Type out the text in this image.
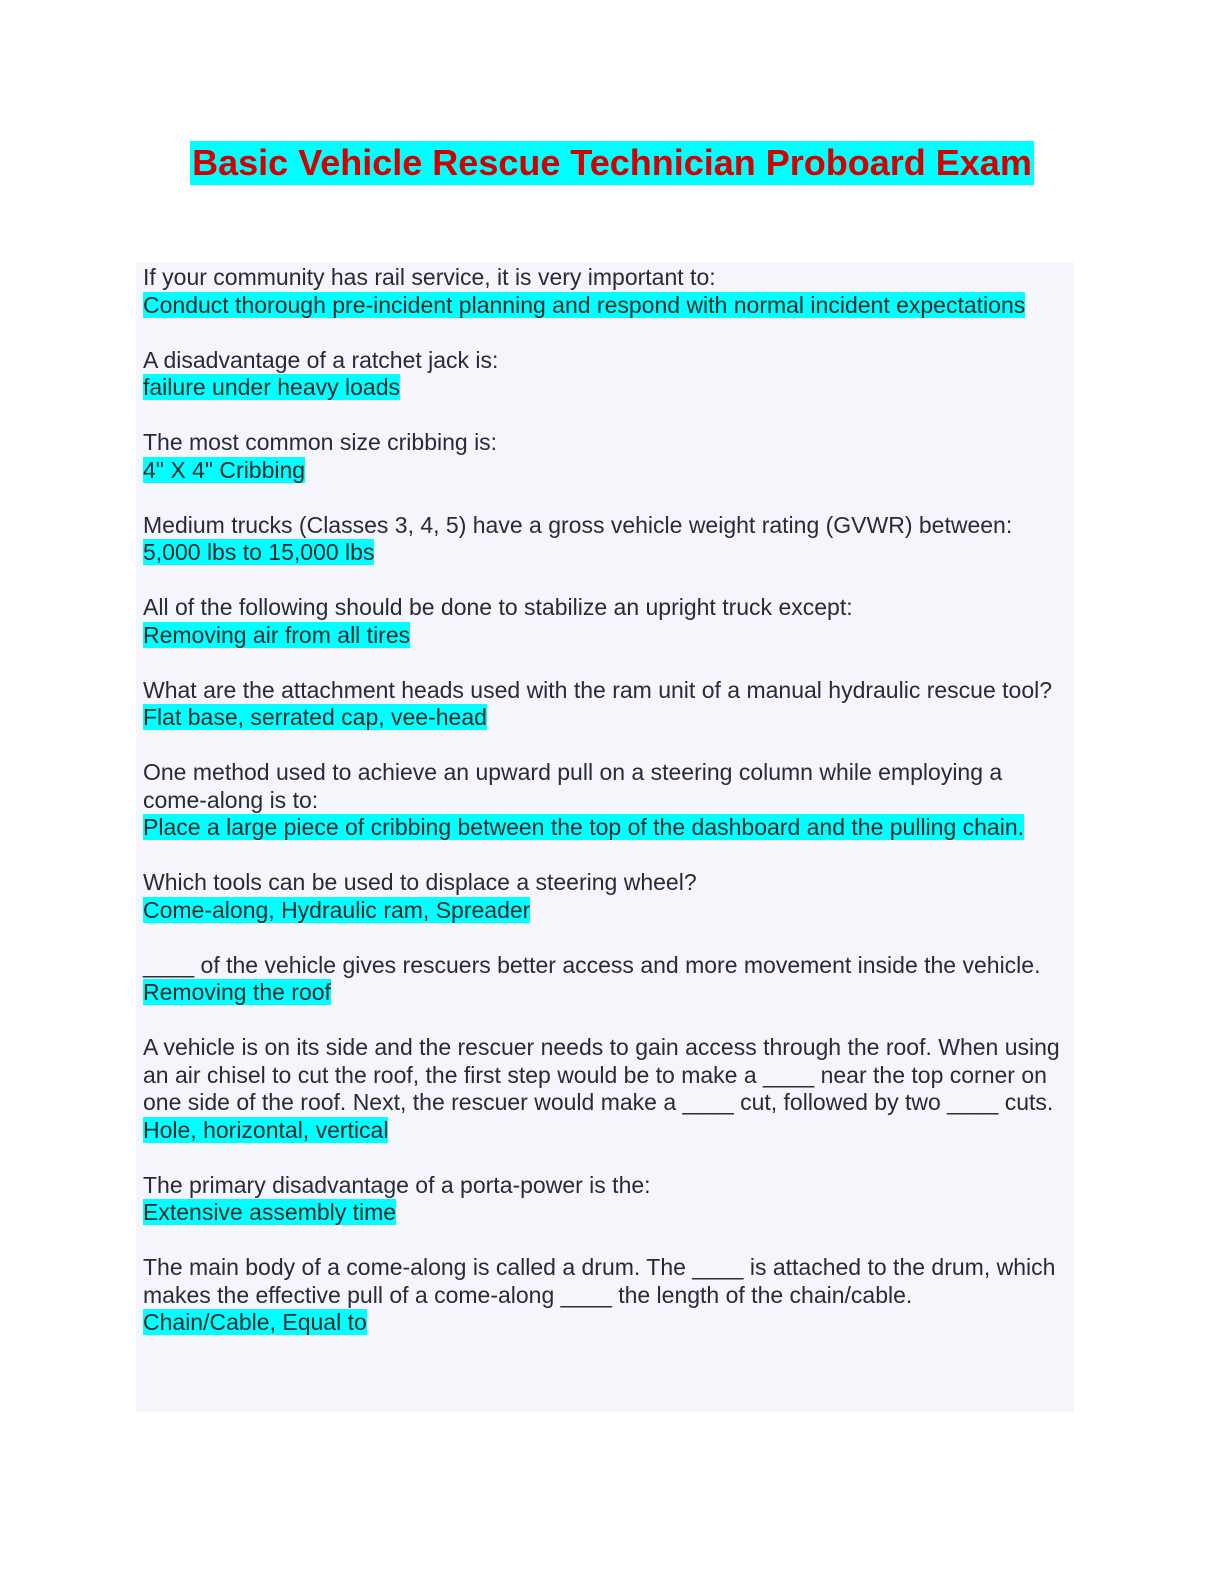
Basic Vehicle Rescue Technician Proboard Exam
If your community has rail service, it is very important to:
Conduct thorough pre-incident planning and respond with normal incident expectations
A disadvantage of a ratchet jack is:
failure under heavy loads
The most common size cribbing is:
4" X 4" Cribbing
Medium trucks (Classes 3, 4, 5) have a gross vehicle weight rating (GVWR) between:
5,000 lbs to 15,000 lbs
All of the following should be done to stabilize an upright truck except:
Removing air from all tires
What are the attachment heads used with the ram unit of a manual hydraulic rescue tool?
Flat base, serrated cap, vee-head
One method used to achieve an upward pull on a steering column while employing a come-along is to:
Place a large piece of cribbing between the top of the dashboard and the pulling chain.
Which tools can be used to displace a steering wheel?
Come-along, Hydraulic ram, Spreader
____ of the vehicle gives rescuers better access and more movement inside the vehicle.
Removing the roof
A vehicle is on its side and the rescuer needs to gain access through the roof. When using an air chisel to cut the roof, the first step would be to make a ____ near the top corner on one side of the roof. Next, the rescuer would make a ____ cut, followed by two ____ cuts.
Hole, horizontal, vertical
The primary disadvantage of a porta-power is the:
Extensive assembly time
The main body of a come-along is called a drum. The ____ is attached to the drum, which makes the effective pull of a come-along ____ the length of the chain/cable.
Chain/Cable, Equal to
